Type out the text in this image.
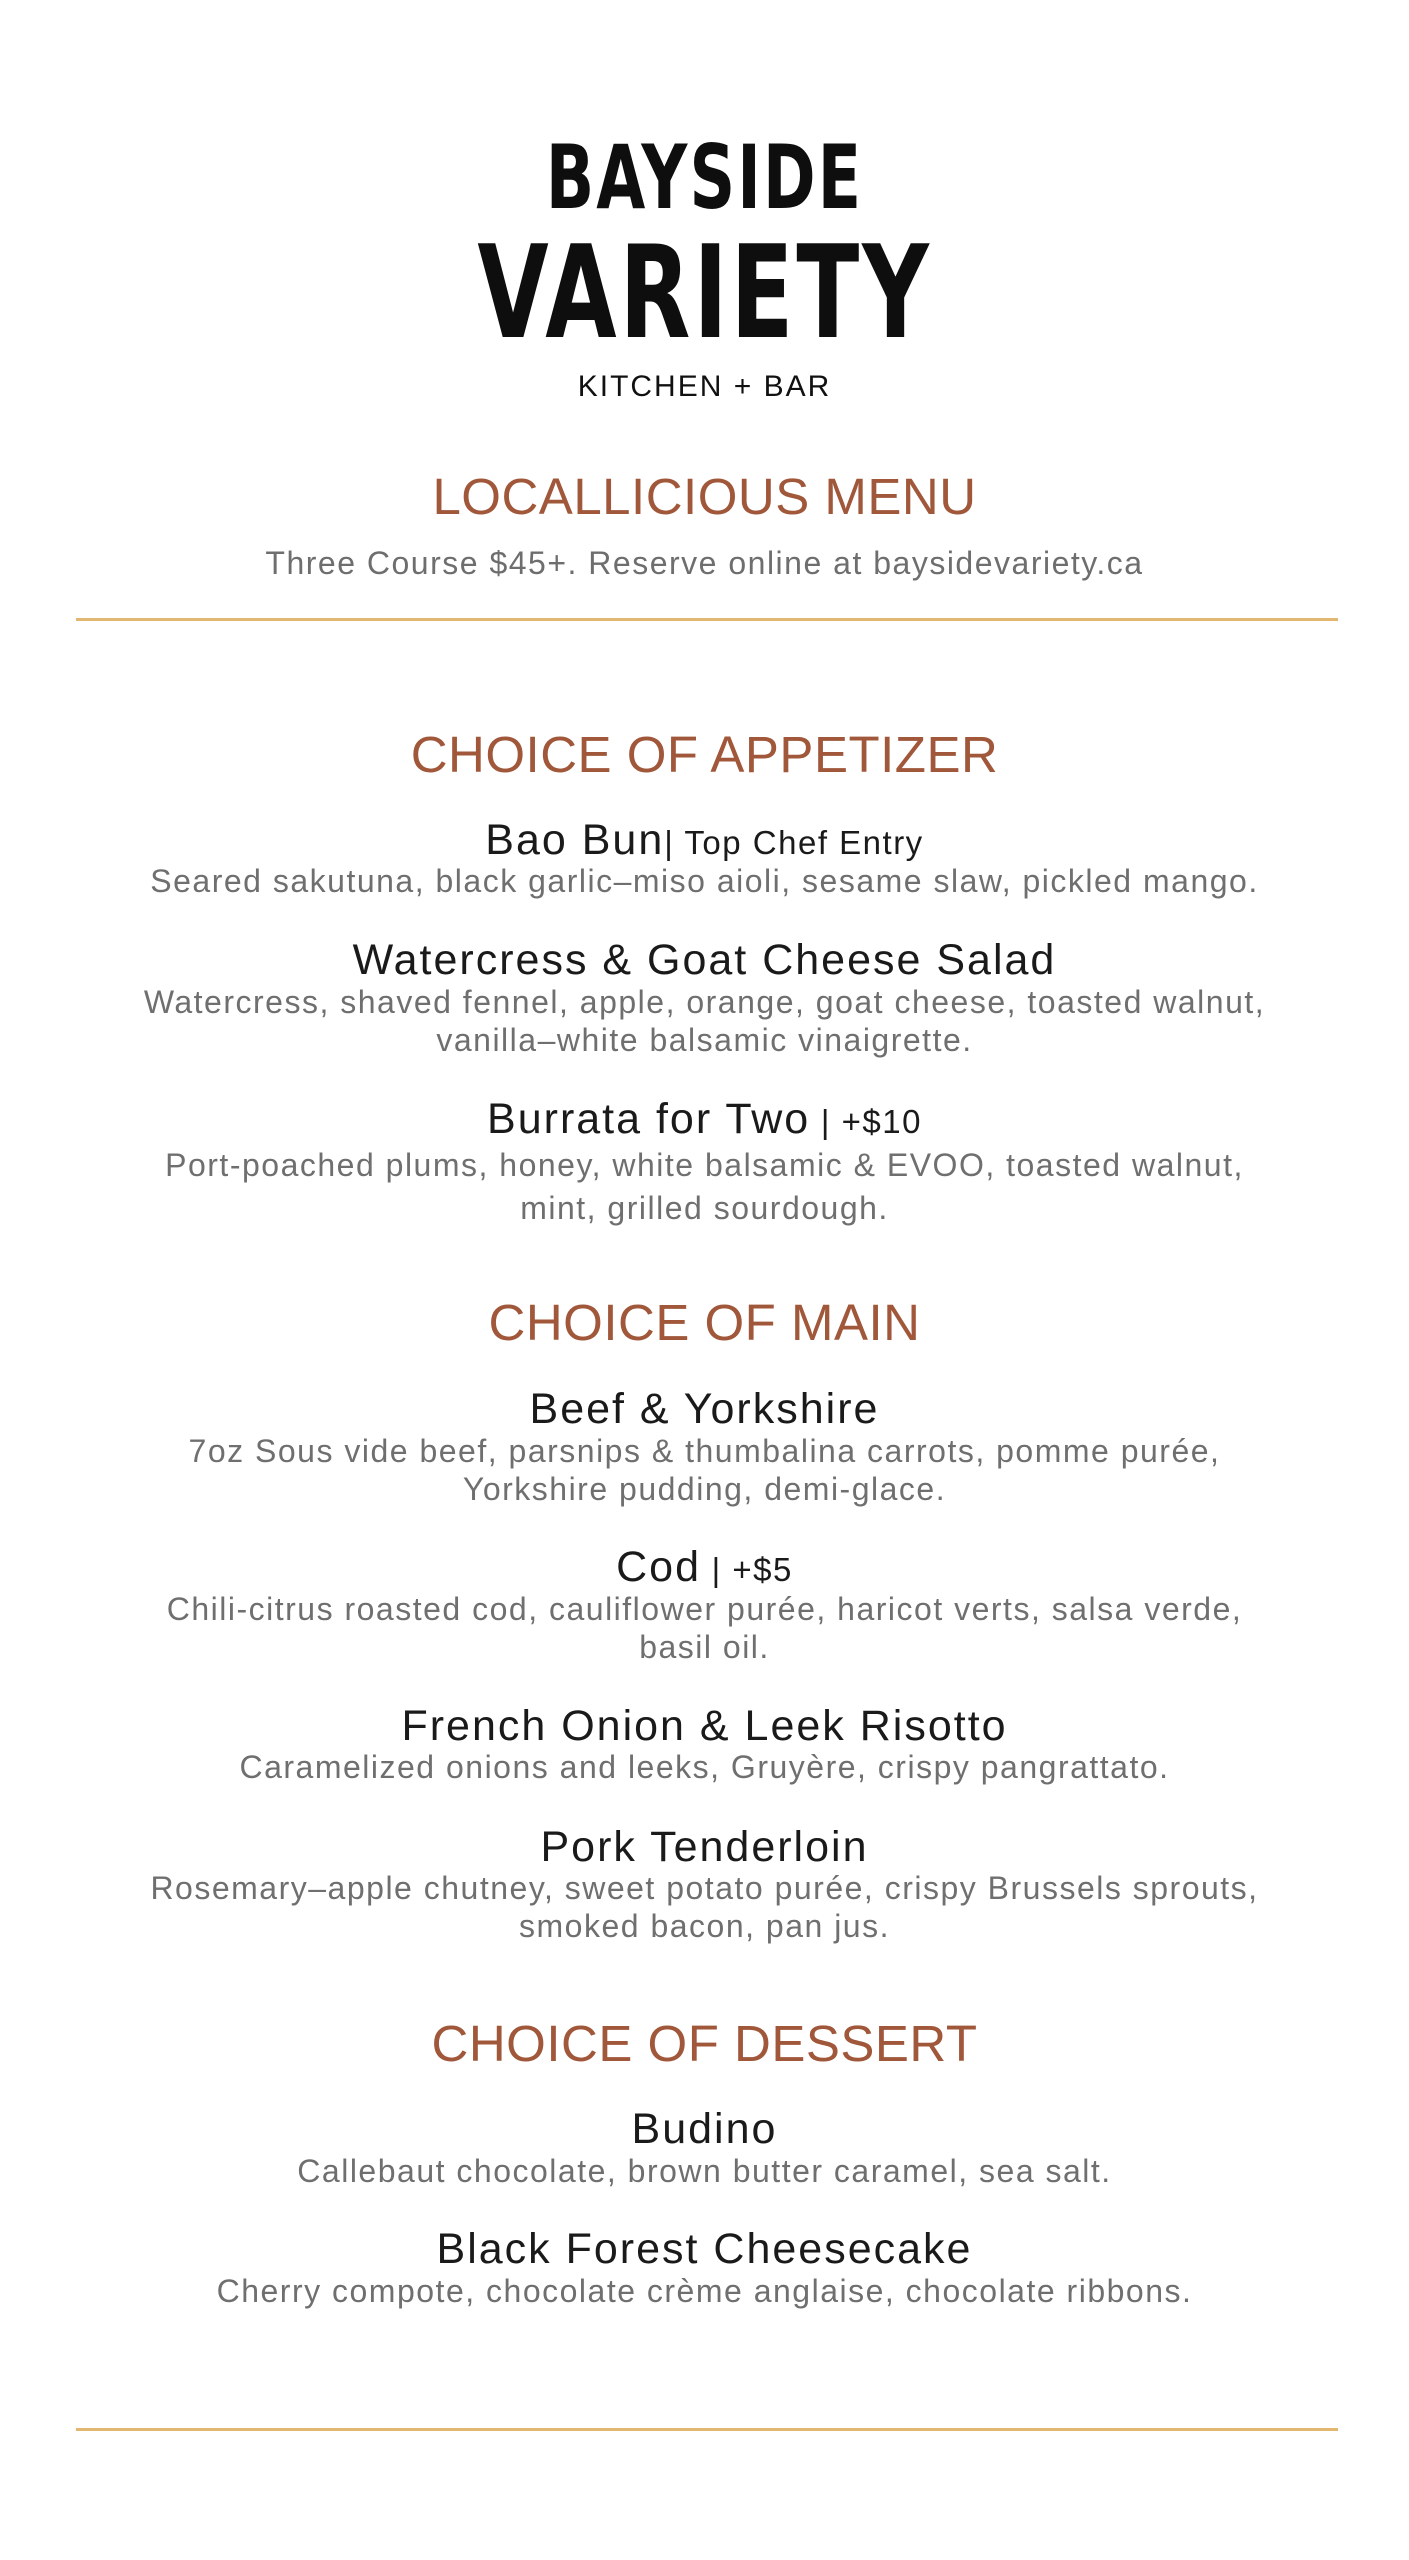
BAYSIDE
VARIETY
KITCHEN + BAR
LOCALLICIOUS MENU
Three Course $45+. Reserve online at baysidevariety.ca
CHOICE OF APPETIZER
Bao Bun| Top Chef Entry
Seared sakutuna, black garlic–miso aioli, sesame slaw, pickled mango.
Watercress & Goat Cheese Salad
Watercress, shaved fennel, apple, orange, goat cheese, toasted walnut,
vanilla–white balsamic vinaigrette.
Burrata for Two | +$10
Port-poached plums, honey, white balsamic & EVOO, toasted walnut,
mint, grilled sourdough.
CHOICE OF MAIN
Beef & Yorkshire
7oz Sous vide beef, parsnips & thumbalina carrots, pomme purée,
Yorkshire pudding, demi-glace.
Cod | +$5
Chili-citrus roasted cod, cauliflower purée, haricot verts, salsa verde,
basil oil.
French Onion & Leek Risotto
Caramelized onions and leeks, Gruyère, crispy pangrattato.
Pork Tenderloin
Rosemary–apple chutney, sweet potato purée, crispy Brussels sprouts,
smoked bacon, pan jus.
CHOICE OF DESSERT
Budino
Callebaut chocolate, brown butter caramel, sea salt.
Black Forest Cheesecake
Cherry compote, chocolate crème anglaise, chocolate ribbons.
